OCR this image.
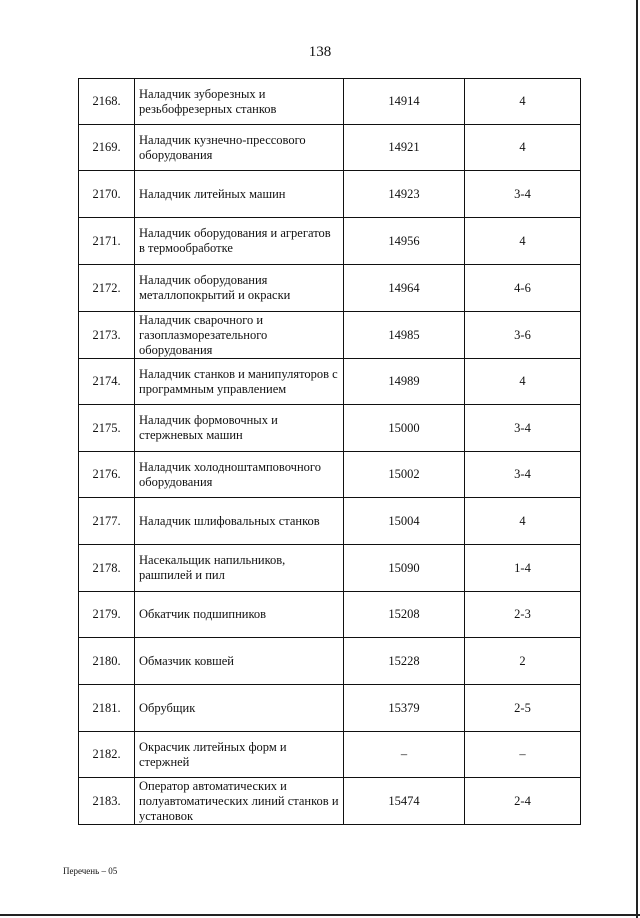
138
2168.	Наладчик зуборезных и резьбофрезерных станков	14914	4
2169.	Наладчик кузнечно-прессового оборудования	14921	4
2170.	Наладчик литейных машин	14923	3-4
2171.	Наладчик оборудования и агрегатов в термообработке	14956	4
2172.	Наладчик оборудования металлопокрытий и окраски	14964	4-6
2173.	Наладчик сварочного и газоплазморезательного оборудования	14985	3-6
2174.	Наладчик станков и манипуляторов с программным управлением	14989	4
2175.	Наладчик формовочных и стержневых машин	15000	3-4
2176.	Наладчик холодноштамповочного оборудования	15002	3-4
2177.	Наладчик шлифовальных станков	15004	4
2178.	Насекальщик напильников, рашпилей и пил	15090	1-4
2179.	Обкатчик подшипников	15208	2-3
2180.	Обмазчик ковшей	15228	2
2181.	Обрубщик	15379	2-5
2182.	Окрасчик литейных форм и стержней	–	–
2183.	Оператор автоматических и полуавтоматических линий станков и установок	15474	2-4
Перечень – 05
